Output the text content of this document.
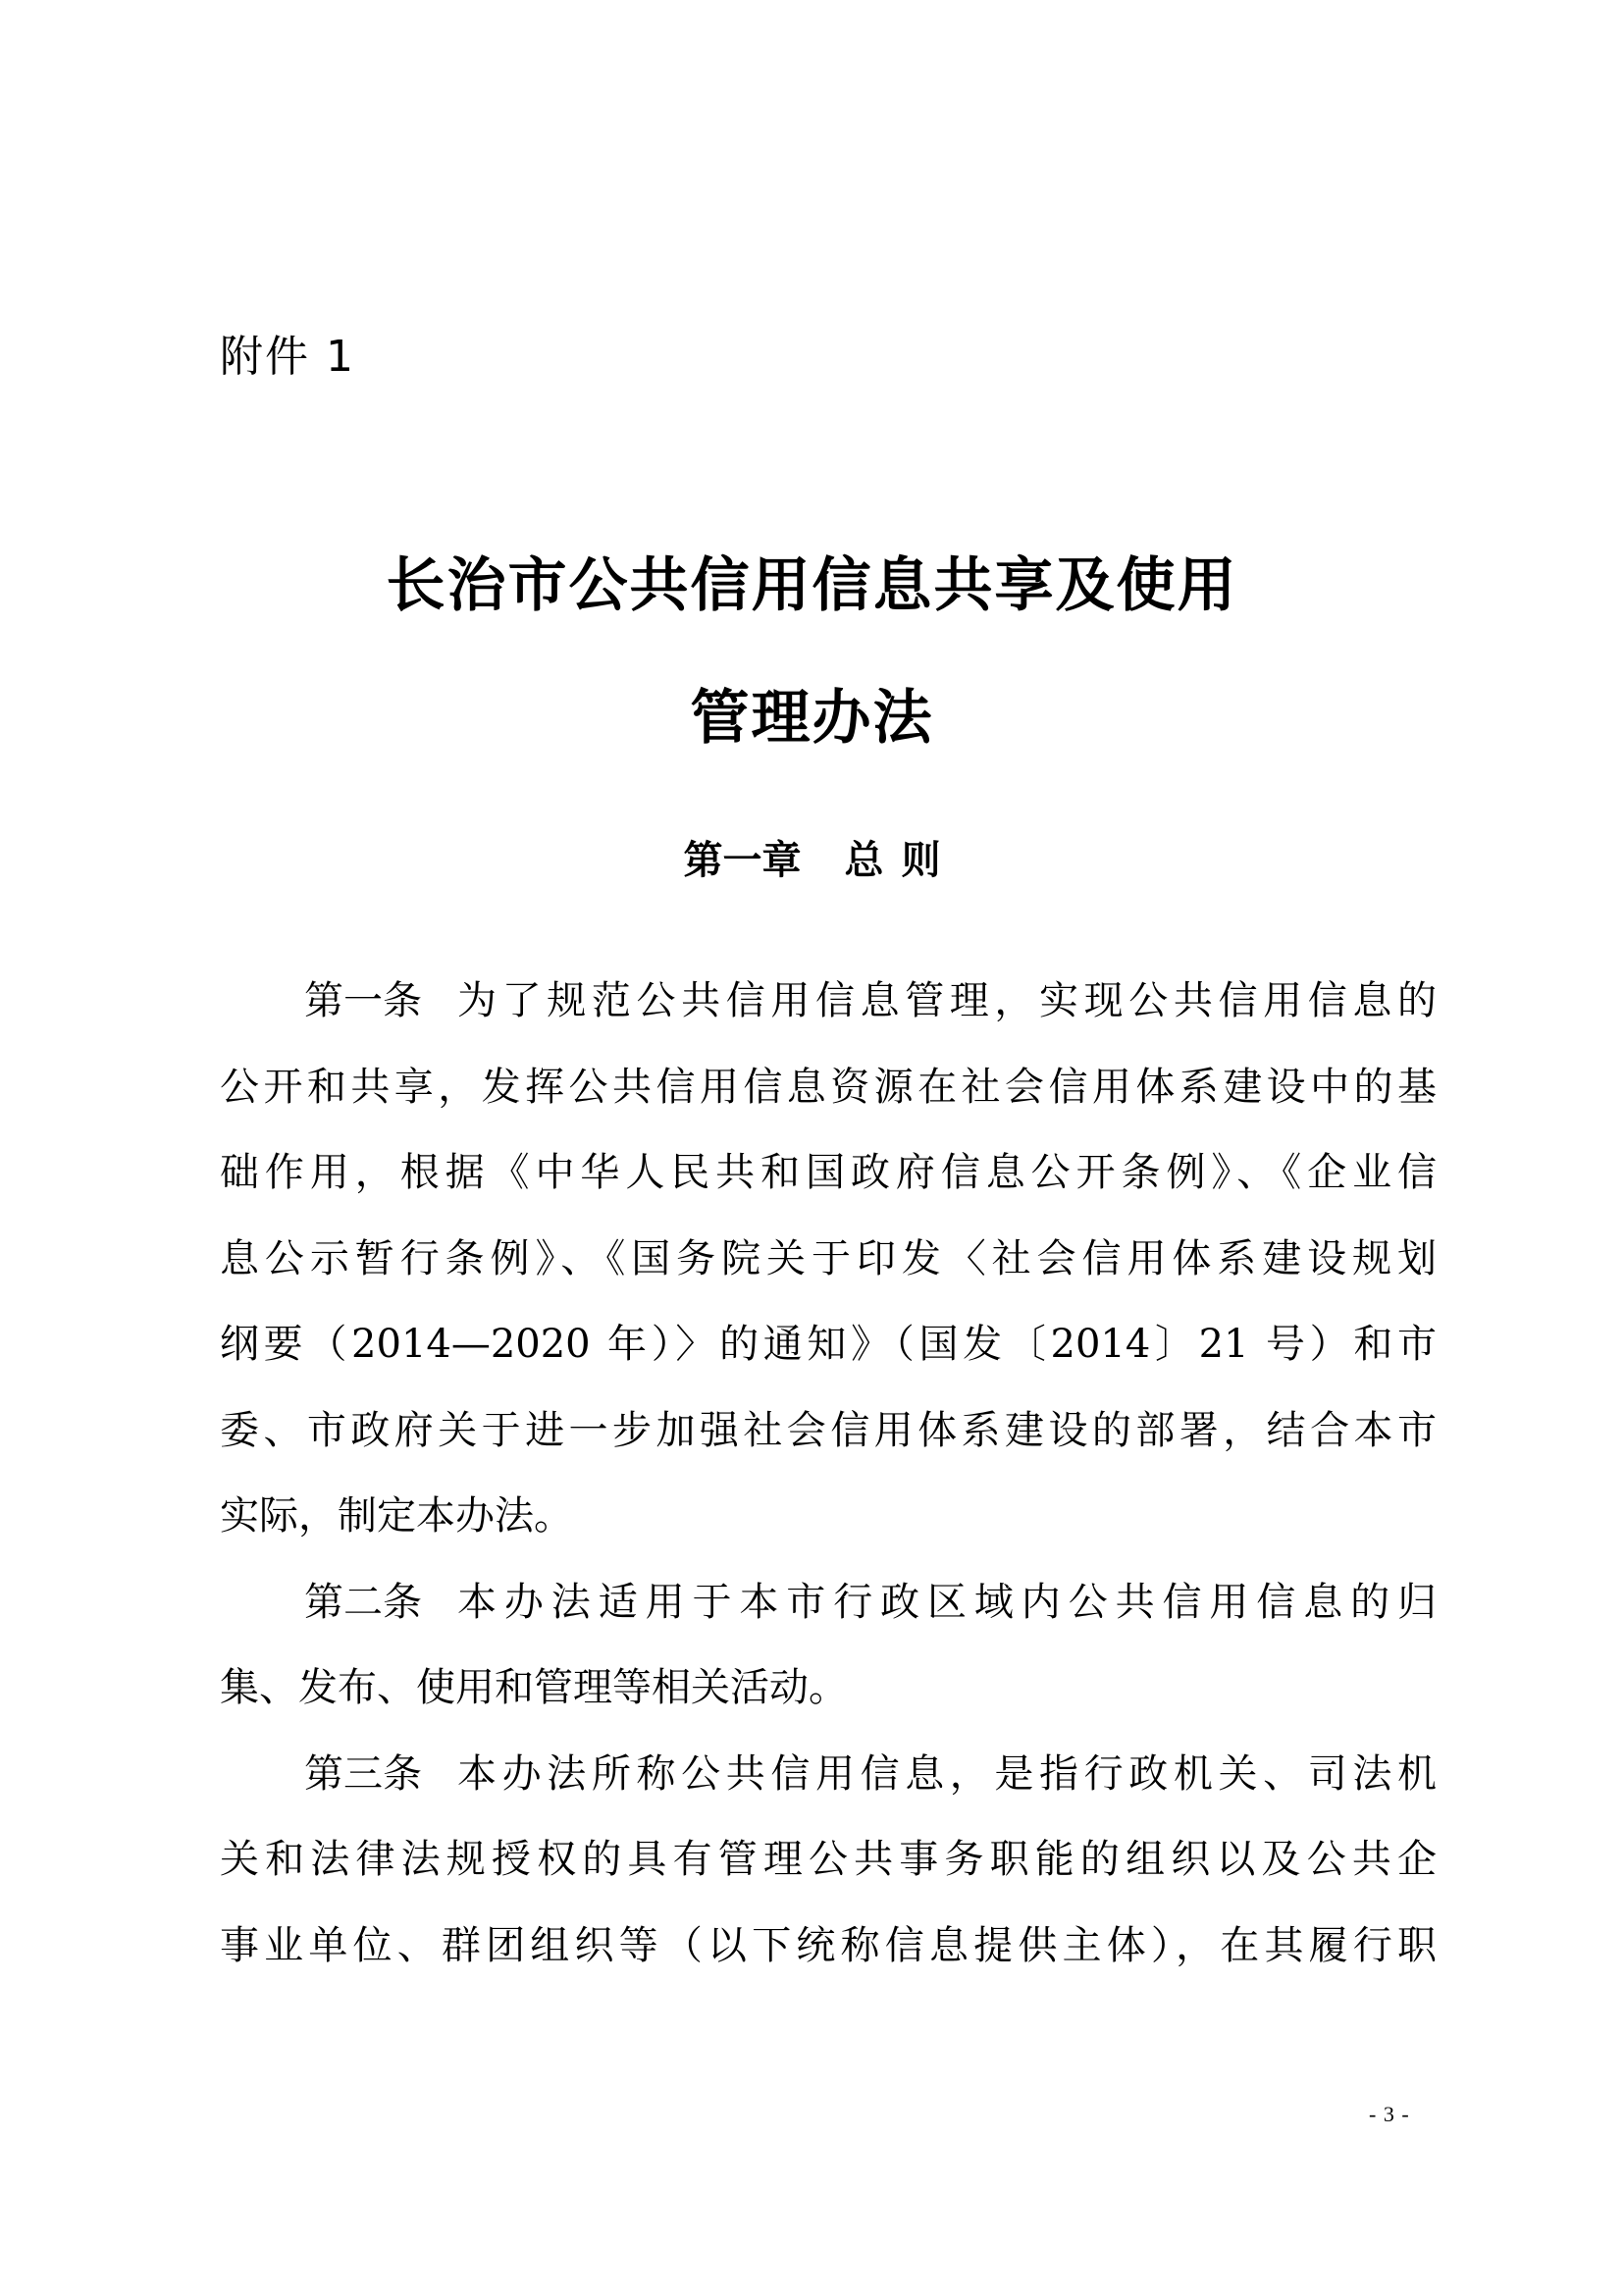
附件 1
长治市公共信用信息共享及使用
管理办法
第一章 总 则
第一条 为了规范公共信用信息管理，实现公共信用信息的
公开和共享，发挥公共信用信息资源在社会信用体系建设中的基
础作用，根据《中华人民共和国政府信息公开条例》、《企业信
息公示暂行条例》、《国务院关于印发〈社会信用体系建设规划
纲要（2014—2020 年）〉的通知》（国发〔2014〕21 号）和市
委、市政府关于进一步加强社会信用体系建设的部署，结合本市
实际，制定本办法。
第二条 本办法适用于本市行政区域内公共信用信息的归
集、发布、使用和管理等相关活动。
第三条 本办法所称公共信用信息，是指行政机关、司法机
关和法律法规授权的具有管理公共事务职能的组织以及公共企
事业单位、群团组织等（以下统称信息提供主体），在其履行职
- 3 -
